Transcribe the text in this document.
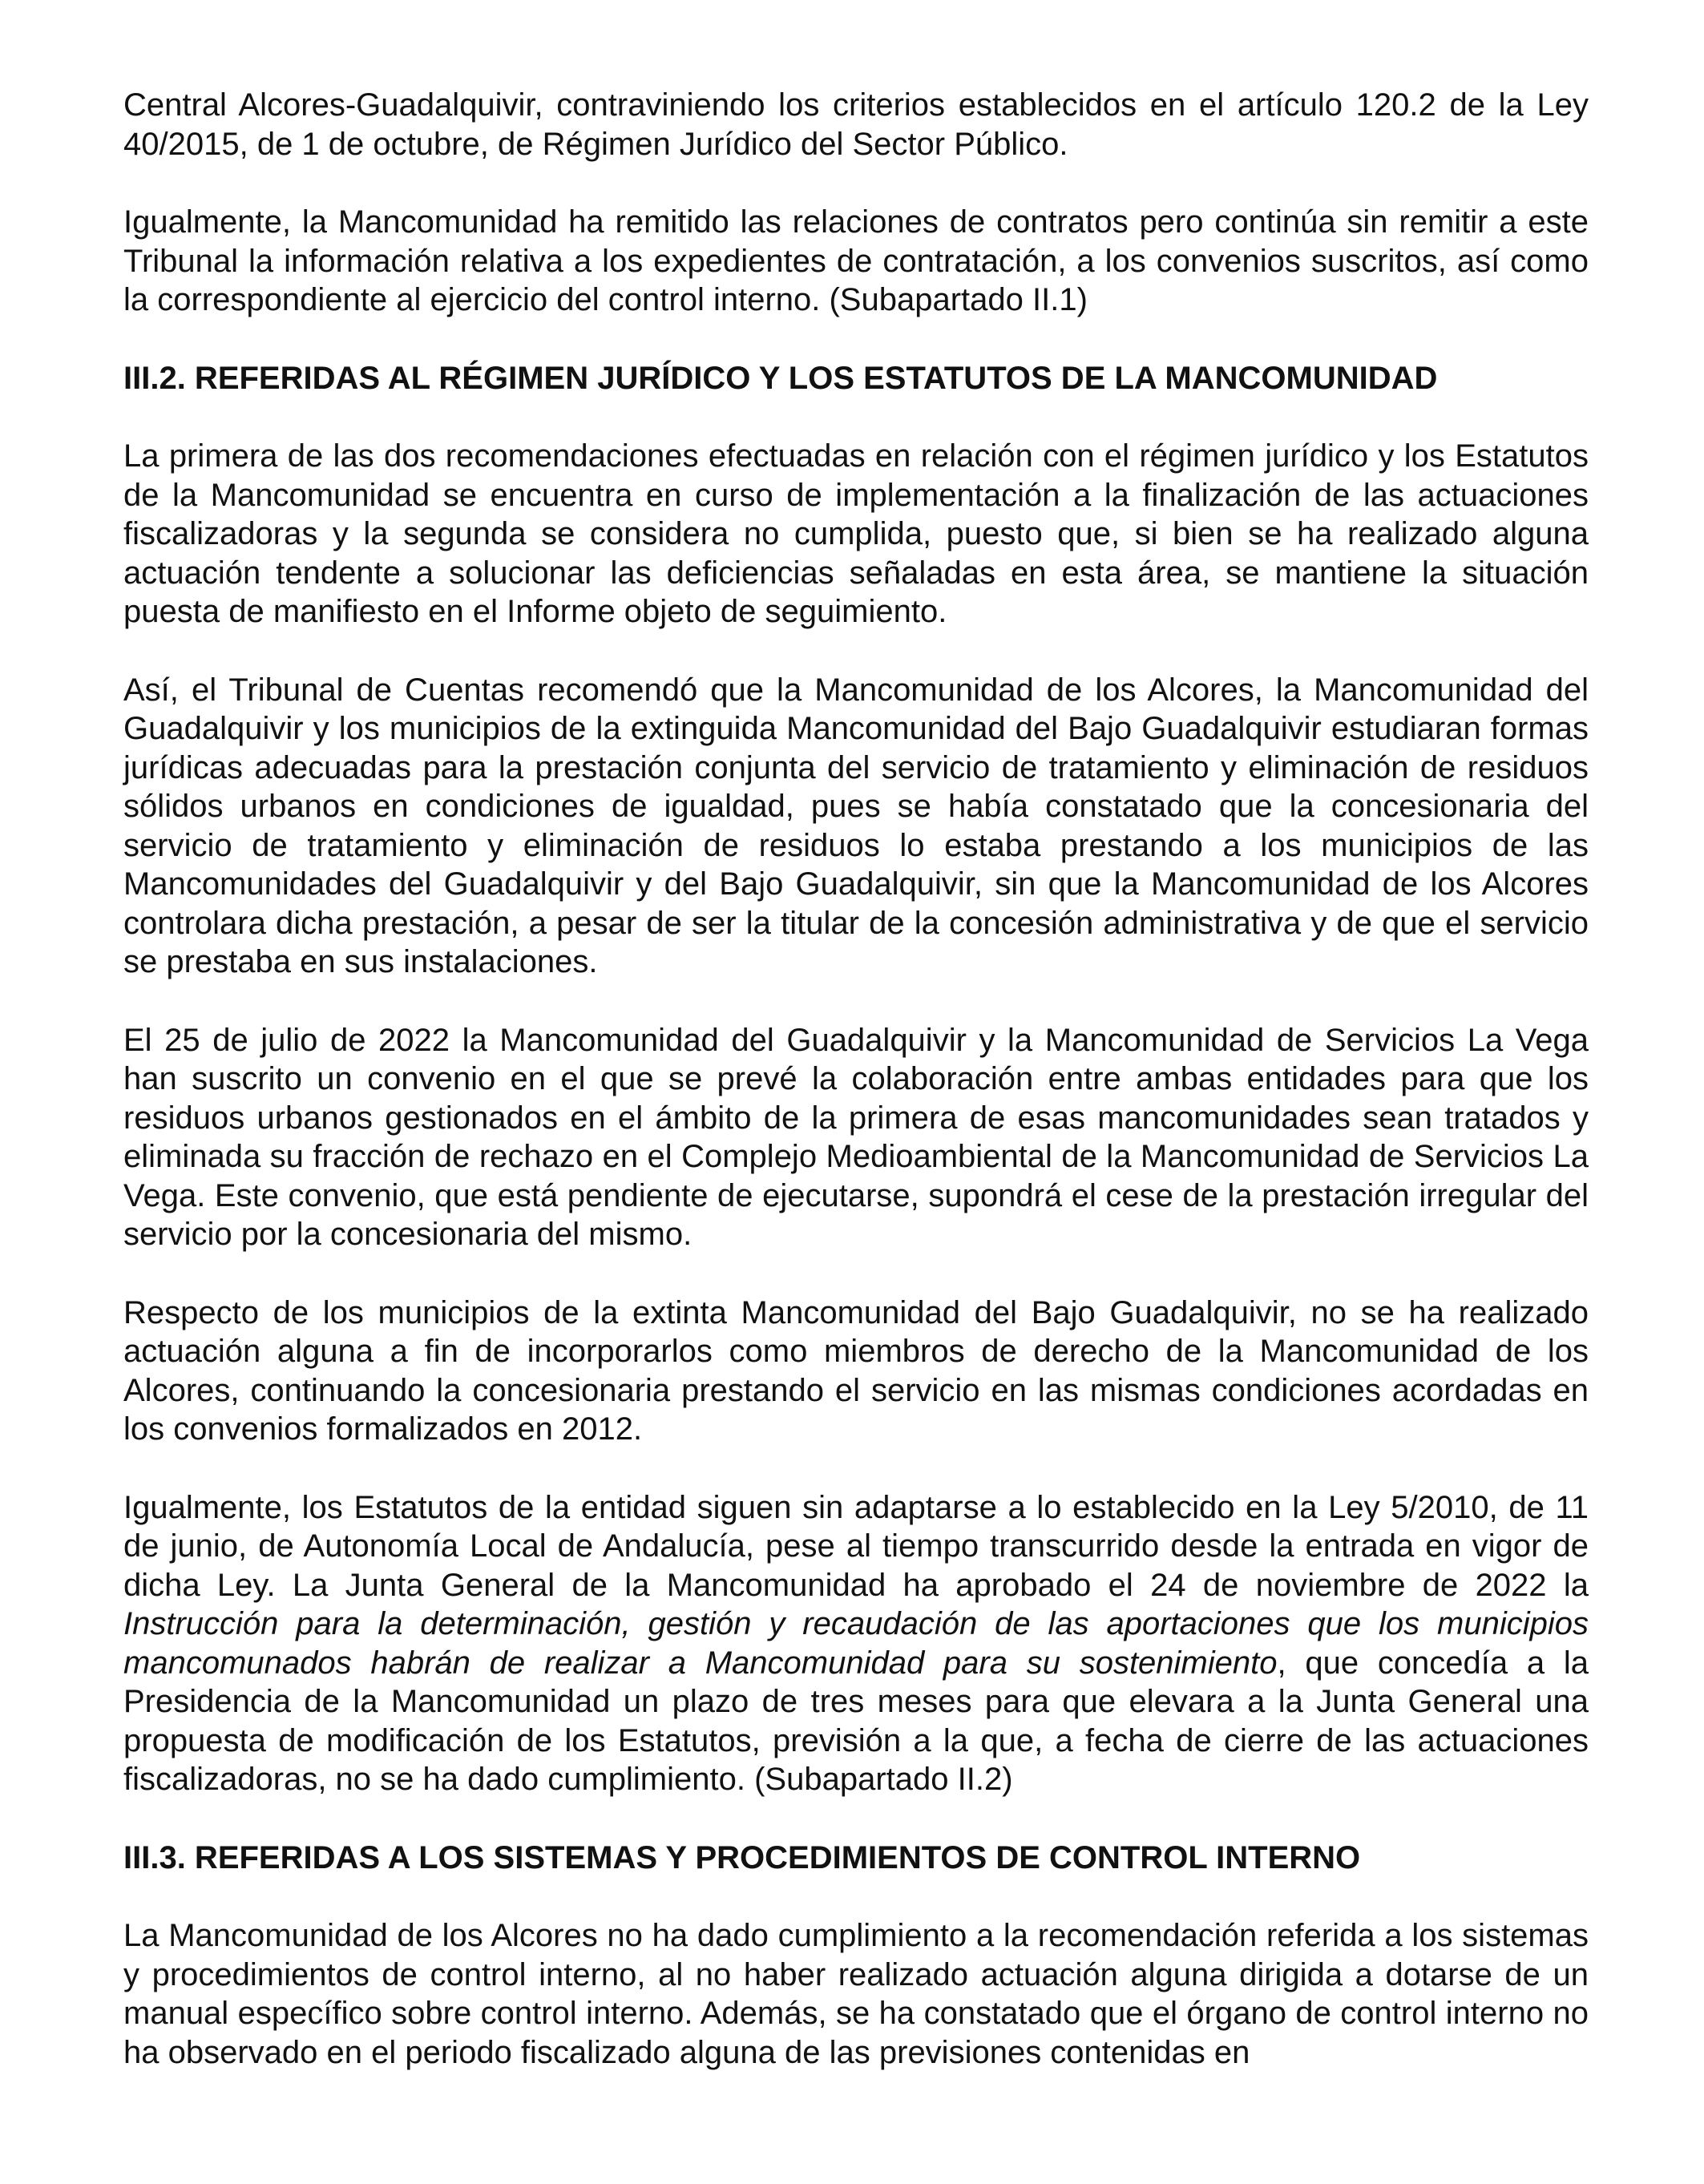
Central Alcores-Guadalquivir, contraviniendo los criterios establecidos en el artículo 120.2 de la Ley 40/2015, de 1 de octubre, de Régimen Jurídico del Sector Público.

Igualmente, la Mancomunidad ha remitido las relaciones de contratos pero continúa sin remitir a este Tribunal la información relativa a los expedientes de contratación, a los convenios suscritos, así como la correspondiente al ejercicio del control interno. (Subapartado II.1)

III.2. REFERIDAS AL RÉGIMEN JURÍDICO Y LOS ESTATUTOS DE LA MANCOMUNIDAD

La primera de las dos recomendaciones efectuadas en relación con el régimen jurídico y los Estatutos de la Mancomunidad se encuentra en curso de implementación a la finalización de las actuaciones fiscalizadoras y la segunda se considera no cumplida, puesto que, si bien se ha realizado alguna actuación tendente a solucionar las deficiencias señaladas en esta área, se mantiene la situación puesta de manifiesto en el Informe objeto de seguimiento.

Así, el Tribunal de Cuentas recomendó que la Mancomunidad de los Alcores, la Mancomunidad del Guadalquivir y los municipios de la extinguida Mancomunidad del Bajo Guadalquivir estudiaran formas jurídicas adecuadas para la prestación conjunta del servicio de tratamiento y eliminación de residuos sólidos urbanos en condiciones de igualdad, pues se había constatado que la concesionaria del servicio de tratamiento y eliminación de residuos lo estaba prestando a los municipios de las Mancomunidades del Guadalquivir y del Bajo Guadalquivir, sin que la Mancomunidad de los Alcores controlara dicha prestación, a pesar de ser la titular de la concesión administrativa y de que el servicio se prestaba en sus instalaciones.

El 25 de julio de 2022 la Mancomunidad del Guadalquivir y la Mancomunidad de Servicios La Vega han suscrito un convenio en el que se prevé la colaboración entre ambas entidades para que los residuos urbanos gestionados en el ámbito de la primera de esas mancomunidades sean tratados y eliminada su fracción de rechazo en el Complejo Medioambiental de la Mancomunidad de Servicios La Vega. Este convenio, que está pendiente de ejecutarse, supondrá el cese de la prestación irregular del servicio por la concesionaria del mismo.

Respecto de los municipios de la extinta Mancomunidad del Bajo Guadalquivir, no se ha realizado actuación alguna a fin de incorporarlos como miembros de derecho de la Mancomunidad de los Alcores, continuando la concesionaria prestando el servicio en las mismas condiciones acordadas en los convenios formalizados en 2012.

Igualmente, los Estatutos de la entidad siguen sin adaptarse a lo establecido en la Ley 5/2010, de 11 de junio, de Autonomía Local de Andalucía, pese al tiempo transcurrido desde la entrada en vigor de dicha Ley. La Junta General de la Mancomunidad ha aprobado el 24 de noviembre de 2022 la Instrucción para la determinación, gestión y recaudación de las aportaciones que los municipios mancomunados habrán de realizar a Mancomunidad para su sostenimiento, que concedía a la Presidencia de la Mancomunidad un plazo de tres meses para que elevara a la Junta General una propuesta de modificación de los Estatutos, previsión a la que, a fecha de cierre de las actuaciones fiscalizadoras, no se ha dado cumplimiento. (Subapartado II.2)

III.3. REFERIDAS A LOS SISTEMAS Y PROCEDIMIENTOS DE CONTROL INTERNO

La Mancomunidad de los Alcores no ha dado cumplimiento a la recomendación referida a los sistemas y procedimientos de control interno, al no haber realizado actuación alguna dirigida a dotarse de un manual específico sobre control interno. Además, se ha constatado que el órgano de control interno no ha observado en el periodo fiscalizado alguna de las previsiones contenidas en
